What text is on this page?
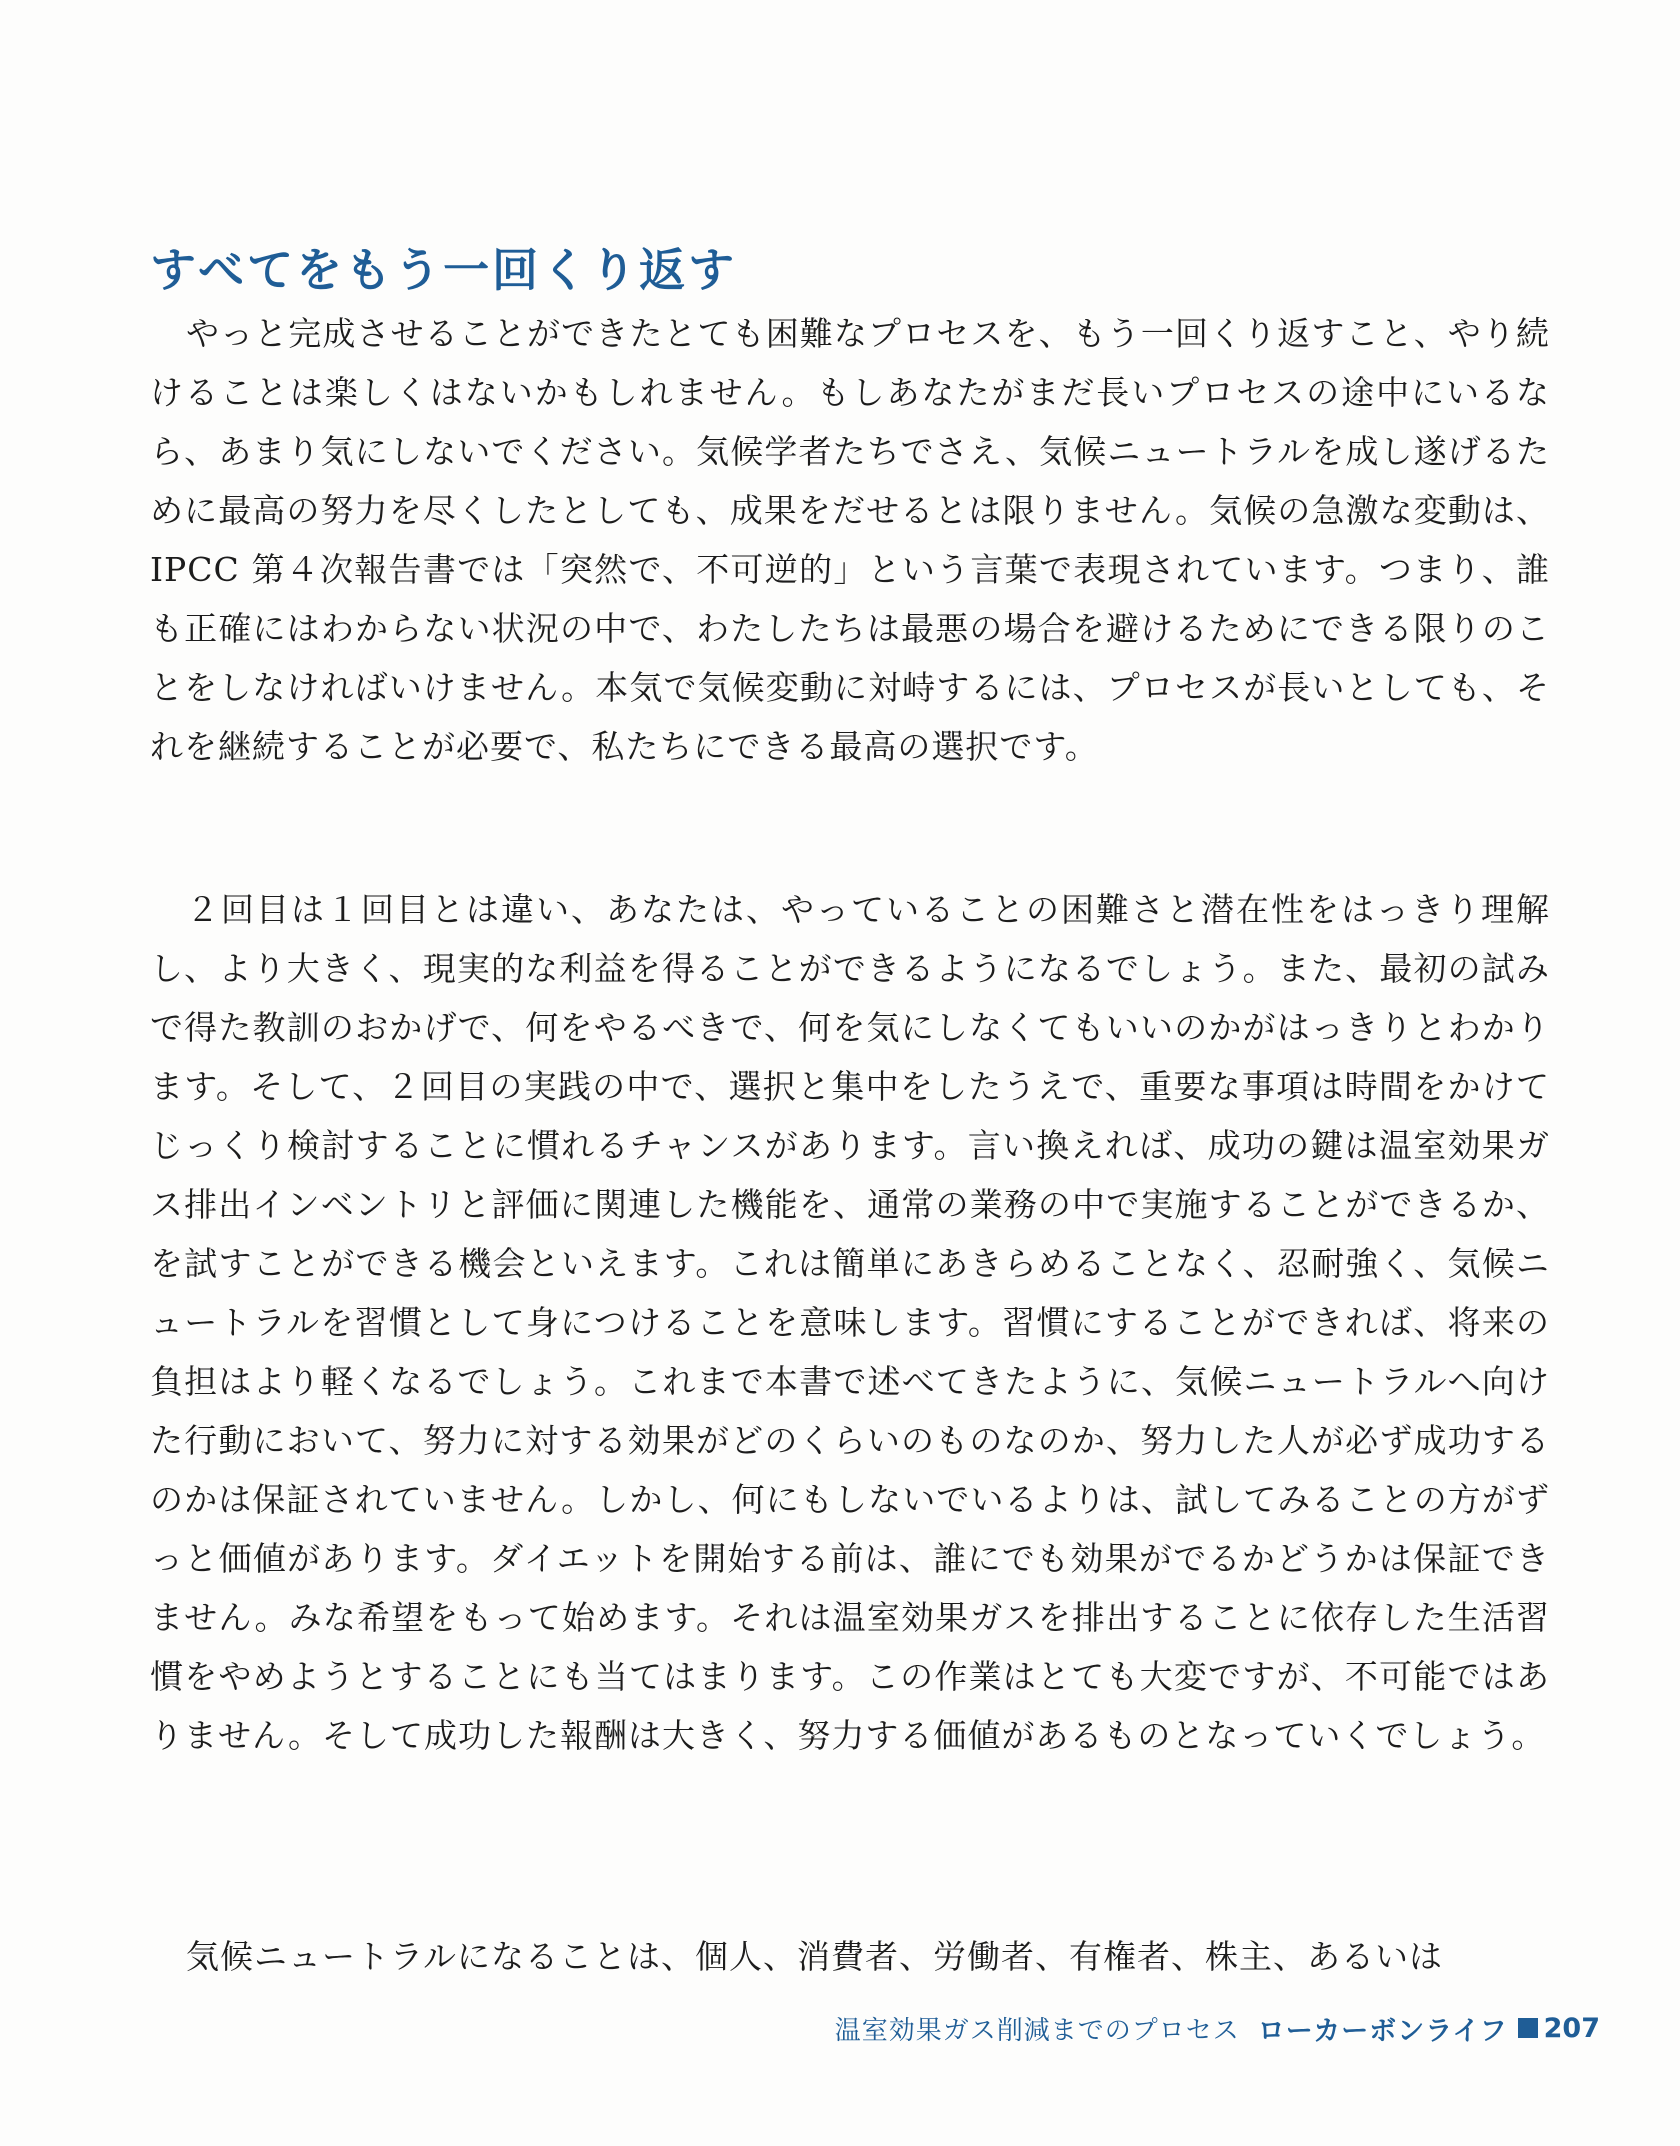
すべてをもう一回くり返す

やっと完成させることができたとても困難なプロセスを、もう一回くり返すこと、やり続けることは楽しくはないかもしれません。もしあなたがまだ長いプロセスの途中にいるなら、あまり気にしないでください。気候学者たちでさえ、気候ニュートラルを成し遂げるために最高の努力を尽くしたとしても、成果をだせるとは限りません。気候の急激な変動は、IPCC 第４次報告書では「突然で、不可逆的」という言葉で表現されています。つまり、誰も正確にはわからない状況の中で、わたしたちは最悪の場合を避けるためにできる限りのことをしなければいけません。本気で気候変動に対峙するには、プロセスが長いとしても、それを継続することが必要で、私たちにできる最高の選択です。

２回目は１回目とは違い、あなたは、やっていることの困難さと潜在性をはっきり理解し、より大きく、現実的な利益を得ることができるようになるでしょう。また、最初の試みで得た教訓のおかげで、何をやるべきで、何を気にしなくてもいいのかがはっきりとわかります。そして、２回目の実践の中で、選択と集中をしたうえで、重要な事項は時間をかけてじっくり検討することに慣れるチャンスがあります。言い換えれば、成功の鍵は温室効果ガス排出インベントリと評価に関連した機能を、通常の業務の中で実施することができるか、を試すことができる機会といえます。これは簡単にあきらめることなく、忍耐強く、気候ニュートラルを習慣として身につけることを意味します。習慣にすることができれば、将来の負担はより軽くなるでしょう。これまで本書で述べてきたように、気候ニュートラルへ向けた行動において、努力に対する効果がどのくらいのものなのか、努力した人が必ず成功するのかは保証されていません。しかし、何にもしないでいるよりは、試してみることの方がずっと価値があります。ダイエットを開始する前は、誰にでも効果がでるかどうかは保証できません。みな希望をもって始めます。それは温室効果ガスを排出することに依存した生活習慣をやめようとすることにも当てはまります。この作業はとても大変ですが、不可能ではありません。そして成功した報酬は大きく、努力する価値があるものとなっていくでしょう。

気候ニュートラルになることは、個人、消費者、労働者、有権者、株主、あるいは

温室効果ガス削減までのプロセス ローカーボンライフ 207
